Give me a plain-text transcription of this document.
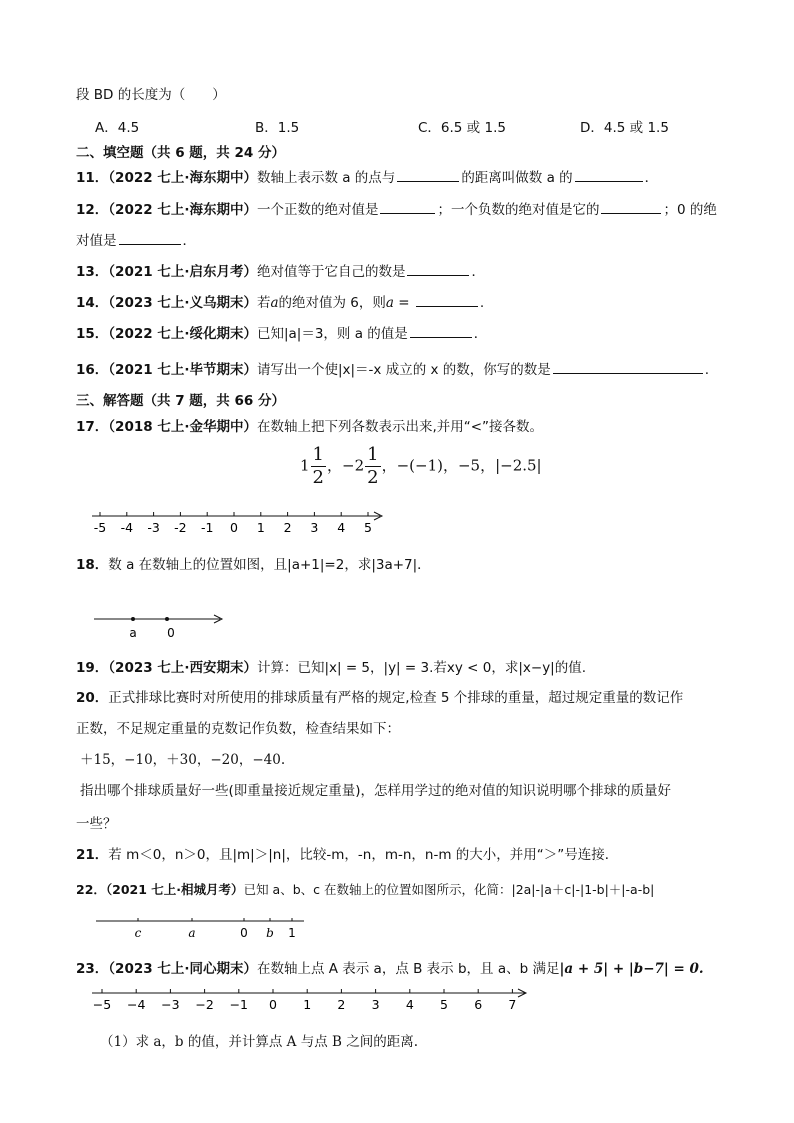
段 BD 的长度为（　　）
A．4.5	B．1.5	C．6.5 或 1.5	D．4.5 或 1.5
二、填空题（共 6 题，共 24 分）
11．（2022 七上·海东期中）数轴上表示数 a 的点与	的距离叫做数 a 的	．
12．（2022 七上·海东期中）一个正数的绝对值是	；一个负数的绝对值是它的	；0 的绝
对值是	．
13．（2021 七上·启东月考）绝对值等于它自己的数是	．
14．（2023 七上·义乌期末）若a的绝对值为 6，则a =	.
15．（2022 七上·绥化期末）已知|a|＝3，则 a 的值是	．
16．（2021 七上·毕节期末）请写出一个使|x|＝-x 成立的 x 的数，你写的数是	.
三、解答题（共 7 题，共 66 分）
17．（2018 七上·金华期中）在数轴上把下列各数表示出来,并用“<”接各数。
$1 \frac{1}{2}$ ，$-2 \frac{1}{2}$ ，−(−1)，−5，|−2.5|
-5 -4 -3 -2 -1 0 1 2 3 4 5
18．数 a 在数轴上的位置如图，且|a+1|=2，求|3a+7|．
a	0
19．（2023 七上·西安期末）计算：已知|x| = 5，|y| = 3.若xy < 0，求|x−y|的值.
20．正式排球比赛时对所使用的排球质量有严格的规定,检查 5 个排球的重量，超过规定重量的数记作
正数，不足规定重量的克数记作负数，检查结果如下：
＋15，−10，＋30，−20，−40.
指出哪个排球质量好一些(即重量接近规定重量)，怎样用学过的绝对值的知识说明哪个排球的质量好
一些？
21．若 m＜0，n＞0，且|m|＞|n|，比较-m，-n，m-n，n-m 的大小，并用“＞”号连接．
22．（2021 七上·相城月考）已知 a、b、c 在数轴上的位置如图所示，化简：|2a|-|a＋c|-|1-b|＋|-a-b|
c	a	0 b 1
23．（2023 七上·同心期末）在数轴上点 A 表示 a，点 B 表示 b，且 a、b 满足|a + 5| + |b−7| = 0.
−5 −4 −3 −2 −1 0 1 2 3 4 5 6 7
（1）求 a，b 的值，并计算点 A 与点 B 之间的距离.
